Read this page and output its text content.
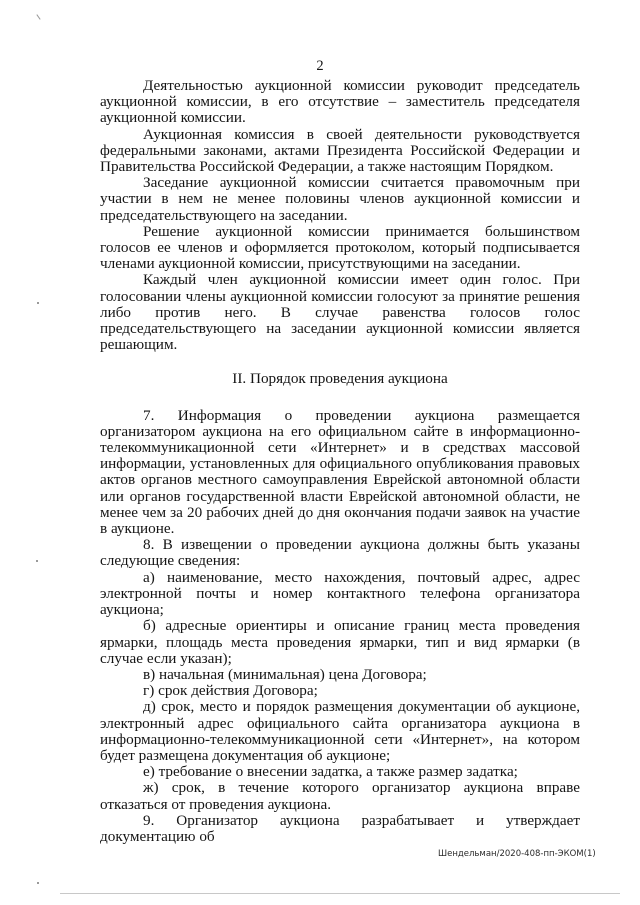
2

Деятельностью аукционной комиссии руководит председатель аукционной комиссии, в его отсутствие – заместитель председателя аукционной комиссии.

Аукционная комиссия в своей деятельности руководствуется федеральными законами, актами Президента Российской Федерации и Правительства Российской Федерации, а также настоящим Порядком.

Заседание аукционной комиссии считается правомочным при участии в нем не менее половины членов аукционной комиссии и председательствующего на заседании.

Решение аукционной комиссии принимается большинством голосов ее членов и оформляется протоколом, который подписывается членами аукционной комиссии, присутствующими на заседании.

Каждый член аукционной комиссии имеет один голос. При голосовании члены аукционной комиссии голосуют за принятие решения либо против него. В случае равенства голосов голос председательствующего на заседании аукционной комиссии является решающим.

II. Порядок проведения аукциона

7. Информация о проведении аукциона размещается организатором аукциона на его официальном сайте в информационно-телекоммуникационной сети «Интернет» и в средствах массовой информации, установленных для официального опубликования правовых актов органов местного самоуправления Еврейской автономной области или органов государственной власти Еврейской автономной области, не менее чем за 20 рабочих дней до дня окончания подачи заявок на участие в аукционе.

8. В извещении о проведении аукциона должны быть указаны следующие сведения:

а) наименование, место нахождения, почтовый адрес, адрес электронной почты и номер контактного телефона организатора аукциона;

б) адресные ориентиры и описание границ места проведения ярмарки, площадь места проведения ярмарки, тип и вид ярмарки (в случае если указан);

в) начальная (минимальная) цена Договора;

г) срок действия Договора;

д) срок, место и порядок размещения документации об аукционе, электронный адрес официального сайта организатора аукциона в информационно-телекоммуникационной сети «Интернет», на котором будет размещена документация об аукционе;

е) требование о внесении задатка, а также размер задатка;

ж) срок, в течение которого организатор аукциона вправе отказаться от проведения аукциона.

9. Организатор аукциона разрабатывает и утверждает документацию об

Шендельман/2020-408-пп-ЭКОМ(1)
